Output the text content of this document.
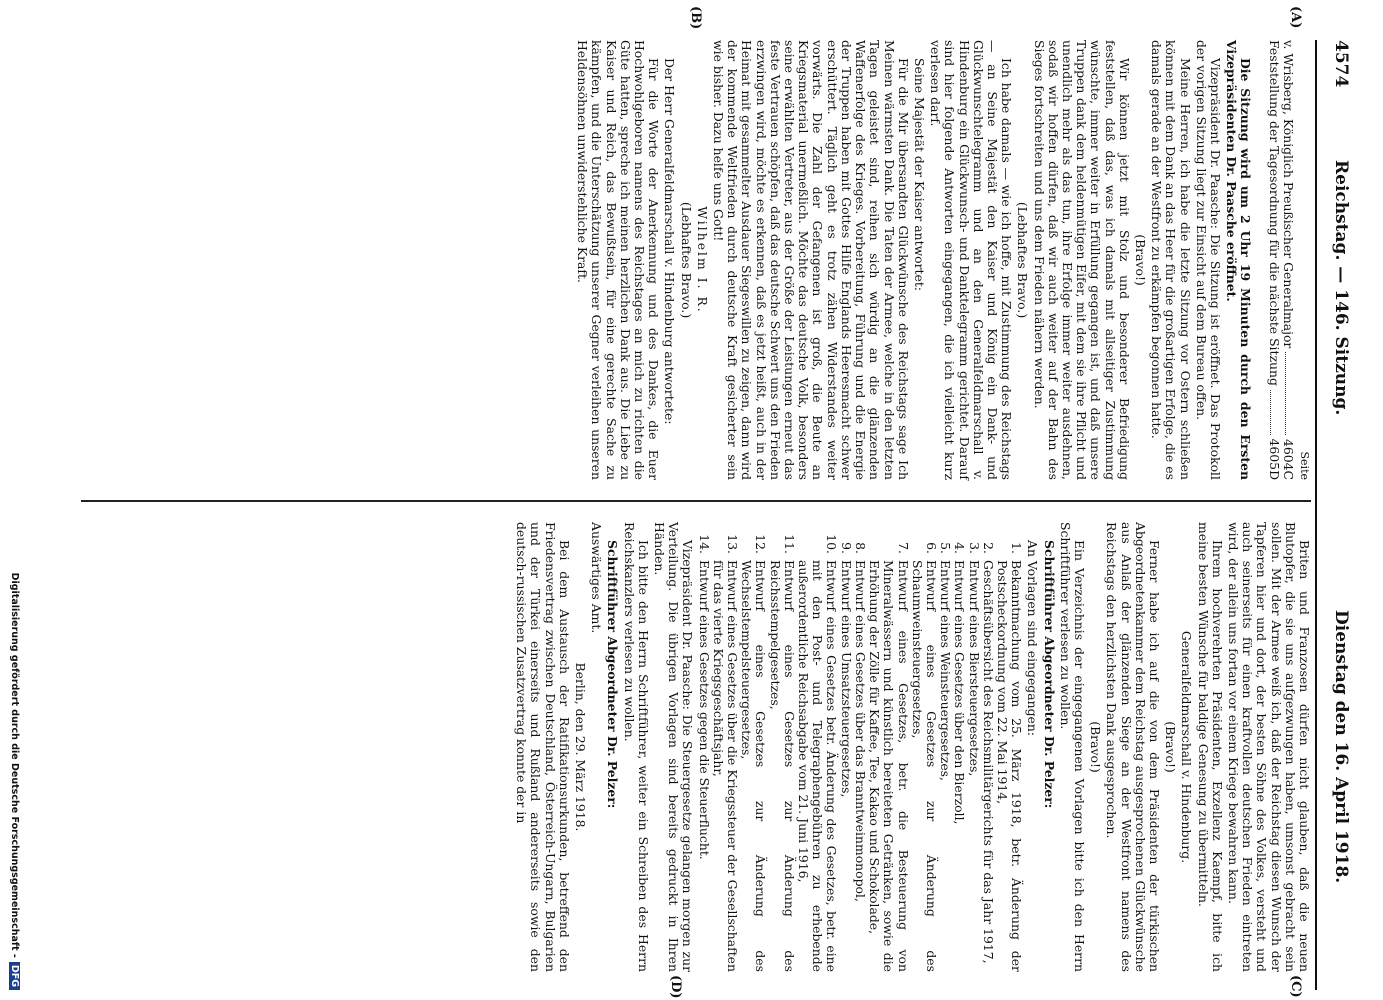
4574
Reichstag. — 146. Sitzung.
Dienstag den 16. April 1918.
(A)
(B)
(C)
(D)

Seite

v. Wrisberg, Königlich Preußischer Generalmajor
4604C
Feststellung der Tagesordnung für die nächste Sitzung
4605D

Die Sitzung wird um 2 Uhr 19 Minuten durch den Ersten Vizepräsidenten Dr. Paasche eröffnet.

Vizepräsident Dr. Paasche: Die Sitzung ist eröffnet. Das Protokoll der vorigen Sitzung liegt zur Einsicht auf dem Bureau offen.

Meine Herren, ich habe die letzte Sitzung vor Ostern schließen können mit dem Dank an das Heer für die großartigen Erfolge, die es damals gerade an der Westfront zu erkämpfen begonnen hatte.

(Bravo!)

Wir können jetzt mit Stolz und besonderer Befriedigung feststellen, daß das, was ich damals mit allseitiger Zustimmung wünschte, immer weiter in Erfüllung gegangen ist, und daß unsere Truppen dank dem heldenmütigen Eifer, mit dem sie ihre Pflicht und unendlich mehr als das tun, ihre Erfolge immer weiter ausdehnen, sodaß wir hoffen dürfen, daß wir auch weiter auf der Bahn des Sieges fortschreiten und uns dem Frieden nähern werden.

(Lebhaftes Bravo.)

Ich habe damals — wie ich hoffe, mit Zustimmung des Reichstags — an Seine Majestät den Kaiser und König ein Dank- und Glückwunschtelegramm und an den Generalfeldmarschall v. Hindenburg ein Glückwunsch- und Danktelegramm gerichtet. Darauf sind hier folgende Antworten eingegangen, die ich vielleicht kurz verlesen darf.

Seine Majestät der Kaiser antwortet:

Für die Mir übersandten Glückwünsche des Reichstags sage Ich Meinen wärmsten Dank. Die Taten der Armee, welche in den letzten Tagen geleistet sind, reihen sich würdig an die glänzenden Waffenerfolge des Krieges. Vorbereitung, Führung und die Energie der Truppen haben mit Gottes Hilfe Englands Heeresmacht schwer erschüttert. Täglich geht es trotz zähen Widerstandes weiter vorwärts. Die Zahl der Gefangenen ist groß, die Beute an Kriegsmaterial unermeßlich. Möchte das deutsche Volk, besonders seine erwählten Vertreter, aus der Größe der Leistungen erneut das feste Vertrauen schöpfen, daß das deutsche Schwert uns den Frieden erzwingen wird, möchte es erkennen, daß es jetzt heißt, auch in der Heimat mit gesammelter Ausdauer Siegeswillen zu zeigen, dann wird der kommende Weltfrieden durch deutsche Kraft gesicherter sein wie bisher. Dazu helfe uns Gott!

Wilhelm I. R.

(Lebhaftes Bravo.)

Der Herr Generalfeldmarschall v. Hindenburg antwortete:

Für die Worte der Anerkennung und des Dankes, die Euer Hochwohlgeboren namens des Reichstages an mich zu richten die Güte hatten, spreche ich meinen herzlichen Dank aus. Die Liebe zu Kaiser und Reich, das Bewußtsein, für eine gerechte Sache zu kämpfen, und die Unterschätzung unserer Gegner verleihen unseren Heldensöhnen unwiderstehliche Kraft.

Briten und Franzosen dürfen nicht glauben, daß die neuen Blutopfer, die sie uns aufgezwungen haben, umsonst gebracht sein sollen. Mit der Armee weiß ich, daß der Reichstag diesen Wunsch der Tapferen hier und dort, der besten Söhne des Volkes, versteht und auch seinerseits für einen kraftvollen deutschen Frieden eintreten wird, der allein uns fortan vor einem Kriege bewahren kann.

Ihrem hochverehrten Präsidenten, Exzellenz Kaempf, bitte ich meine besten Wünsche für baldige Genesung zu übermitteln.

Generalfeldmarschall v. Hindenburg.

(Bravo!)

Ferner habe ich auf die von dem Präsidenten der türkischen Abgeordnetenkammer dem Reichstag ausgesprochenen Glückwünsche aus Anlaß der glänzenden Siege an der Westfront namens des Reichstags den herzlichsten Dank ausgesprochen.

(Bravo!)

Ein Verzeichnis der eingegangenen Vorlagen bitte ich den Herrn Schriftführer verlesen zu wollen.

Schriftführer Abgeordneter Dr. Pelzer:

An Vorlagen sind eingegangen:

1.
Bekanntmachung vom 25. März 1918, betr. Änderung der Postscheckordnung vom 22. Mai 1914,
2.
Geschäftsübersicht des Reichsmilitärgerichts für das Jahr 1917,
3.
Entwurf eines Biersteuergesetzes,
4.
Entwurf eines Gesetzes über den Bierzoll,
5.
Entwurf eines Weinsteuergesetzes,
6.
Entwurf eines Gesetzes zur Änderung des Schaumweinsteuergesetzes,
7.
Entwurf eines Gesetzes, betr. die Besteuerung von Mineralwässern und künstlich bereiteten Getränken, sowie die Erhöhung der Zölle für Kaffee, Tee, Kakao und Schokolade,
8.
Entwurf eines Gesetzes über das Branntweinmonopol,
9.
Entwurf eines Umsatzsteuergesetzes,
10.
Entwurf eines Gesetzes betr. Änderung des Gesetzes, betr. eine mit den Post- und Telegraphengebühren zu erhebende außerordentliche Reichsabgabe vom 21. Juni 1916,
11.
Entwurf eines Gesetzes zur Änderung des Reichsstempelgesetzes,
12.
Entwurf eines Gesetzes zur Änderung des Wechselstempelsteuergesetzes,
13.
Entwurf eines Gesetzes über die Kriegssteuer der Gesellschaften für das vierte Kriegsgeschäftsjahr,
14.
Entwurf eines Gesetzes gegen die Steuerflucht.

Vizepräsident Dr. Paasche: Die Steuergesetze gelangen morgen zur Verteilung. Die übrigen Vorlagen sind bereits gedruckt in Ihren Händen.

Ich bitte den Herrn Schriftführer, weiter ein Schreiben des Herrn Reichskanzlers verlesen zu wollen.

Schriftführer Abgeordneter Dr. Pelzer:

Auswärtiges Amt.

Berlin, den 29. März 1918.

Bei dem Austausch der Ratifikationsurkunden, betreffend den Friedensvertrag zwischen Deutschland, Österreich-Ungarn, Bulgarien und der Türkei einerseits und Rußland andererseits sowie den deutsch-russischen Zusatzvertrag konnte der in

Digitalisierung gefördert durch die Deutsche Forschungsgemeinschaft -DFG
